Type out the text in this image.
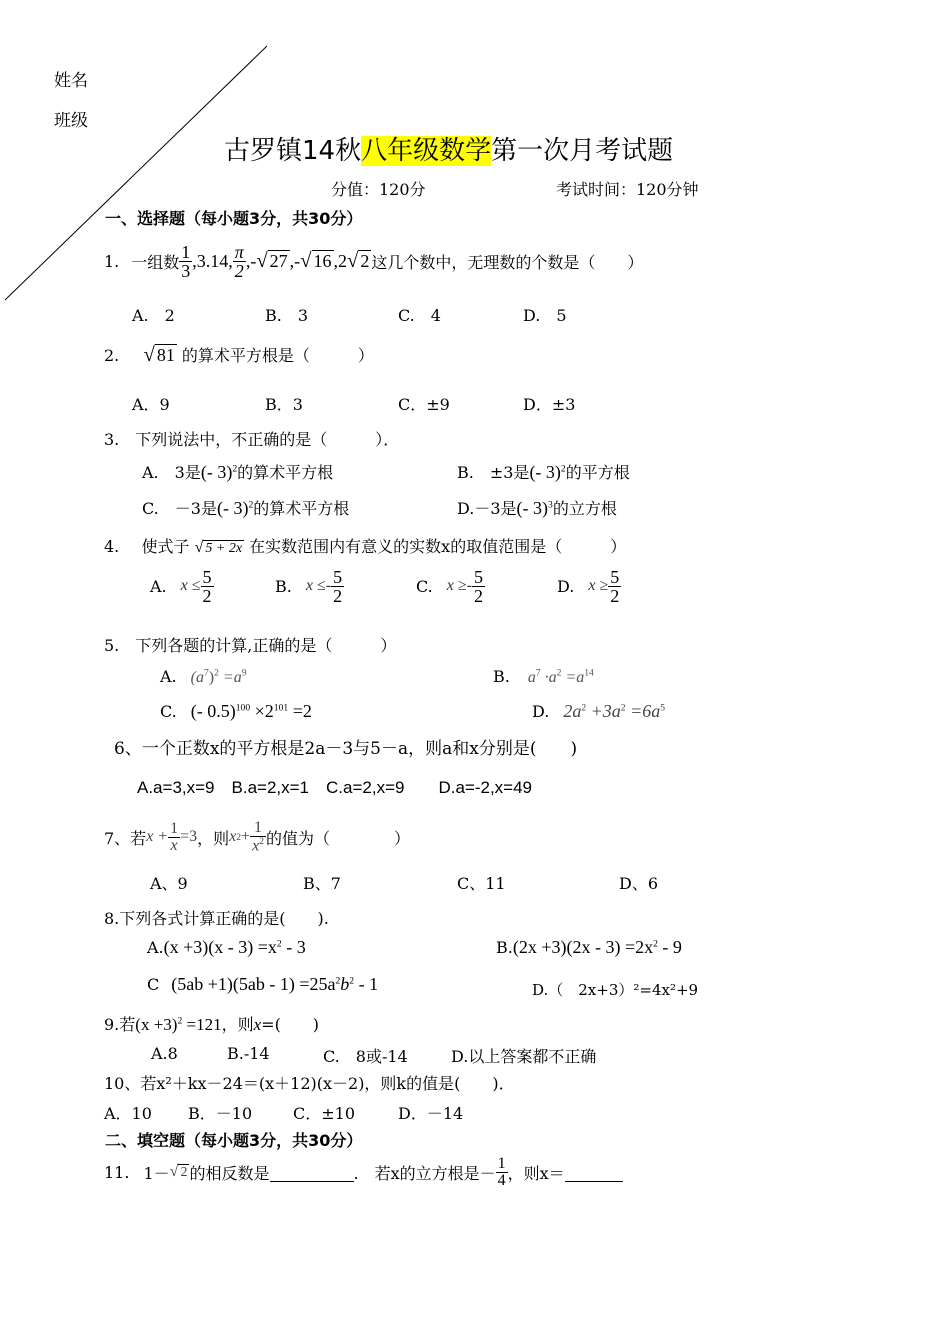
姓名
班级
古罗镇14秋八年级数学第一次月考试题
分值：120分	考试时间：120分钟
一、选择题（每小题3分，共30分）
1. 一组数 $\frac{1}{3} ,3.14$, $\frac{\pi}{2}$ ,- √ 27 ,- √ 16 ,2 √ 2 这几个数中，无理数的个数是（　　）
A.　2	B.　3	C.　4	D.　5
2. √ 81 的算术平方根是（　　　）
A．9	B．3	C．±9	D．±3
3.　下列说法中，不正确的是（　　　）．
A.　3是(- 3)$^2$的算术平方根	B.　±3是(- 3)$^2$的平方根
C.　－3是(- 3)$^2$的算术平方根	D.－3是(- 3)$^3$的立方根
4. 使式子 √ 5 + 2x 在实数范围内有意义的实数x的取值范围是（　　　）
A. $x \le \frac{5}{2}$	B. $x \le- \frac{5}{2}$	C. $x \ge- \frac{5}{2}$	D. $x \ge \frac{5}{2}$
5.　下列各题的计算,正确的是（　　　）
A. $(a^7)^2 =a^9$	B. $a^7 \cdot a^2 =a^{14}$
C. (- $0.5)^{100} \times 2^{101} =2$	D. $2a^2 +3a^2 =6a^5$
6、一个正数x的平方根是2a－3与5－a，则a和x分别是(　　)
A.a=3,x=9　B.a=2,x=1　C.a=2,x=9　　D.a=-2,x=49
7、若 $x + \frac{1}{x} =3$ ，则 x $2 + \frac{1}{x^2}$ 的值为（　　　　）
A、9	B、7	C、11	D、6
8.下列各式计算正确的是(　　).
$A.(x +3)(x - 3) =x^2 - 3$	$B.(2x +3)(2x - 3) =2x^2 - 9$
C $(5ab +1)(5ab - 1) =25a^2b^2 - 1$	D.（　2x+3）²=4x²+9
9.若$(x +3)^2 =121$，则x=(　　)
A.8	B.-14	C.　8或-14	D.以上答案都不正确
10、若x²＋kx－24＝(x＋12)(x－2)，则k的值是(　　)．
A．10 B．－10	C．±10	D．－14
二、填空题（每小题3分，共30分）
11. 1－ √ 2 的相反数是	.　若x的立方根是－ $\frac{1}{4}$ ，则x＝
